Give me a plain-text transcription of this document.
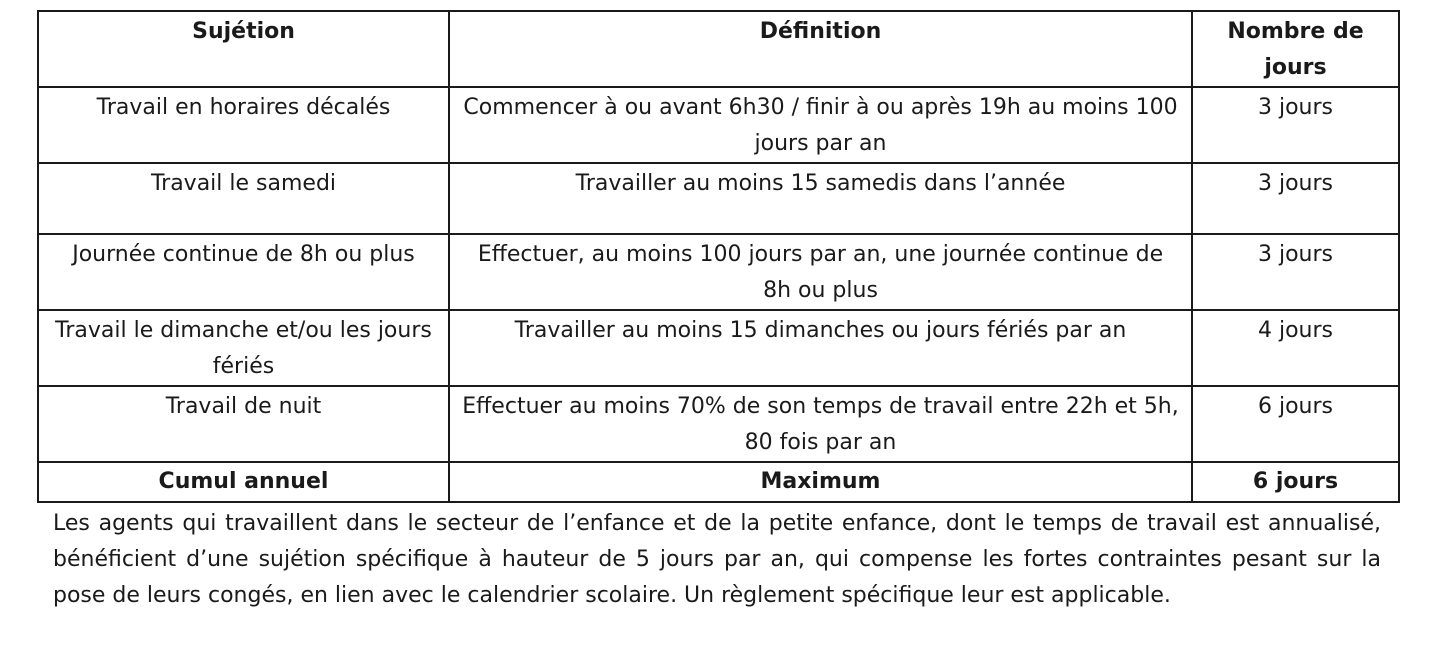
Sujétion	Définition	Nombre de jours
Travail en horaires décalés	Commencer à ou avant 6h30 / finir à ou après 19h au moins 100 jours par an	3 jours
Travail le samedi	Travailler au moins 15 samedis dans l’année	3 jours
Journée continue de 8h ou plus	Effectuer, au moins 100 jours par an, une journée continue de 8h ou plus	3 jours
Travail le dimanche et/ou les jours fériés	Travailler au moins 15 dimanches ou jours fériés par an	4 jours
Travail de nuit	Effectuer au moins 70% de son temps de travail entre 22h et 5h, 80 fois par an	6 jours
Cumul annuel	Maximum	6 jours

Les agents qui travaillent dans le secteur de l’enfance et de la petite enfance, dont le temps de travail est annualisé, bénéficient d’une sujétion spécifique à hauteur de 5 jours par an, qui compense les fortes contraintes pesant sur la pose de leurs congés, en lien avec le calendrier scolaire. Un règlement spécifique leur est applicable.
